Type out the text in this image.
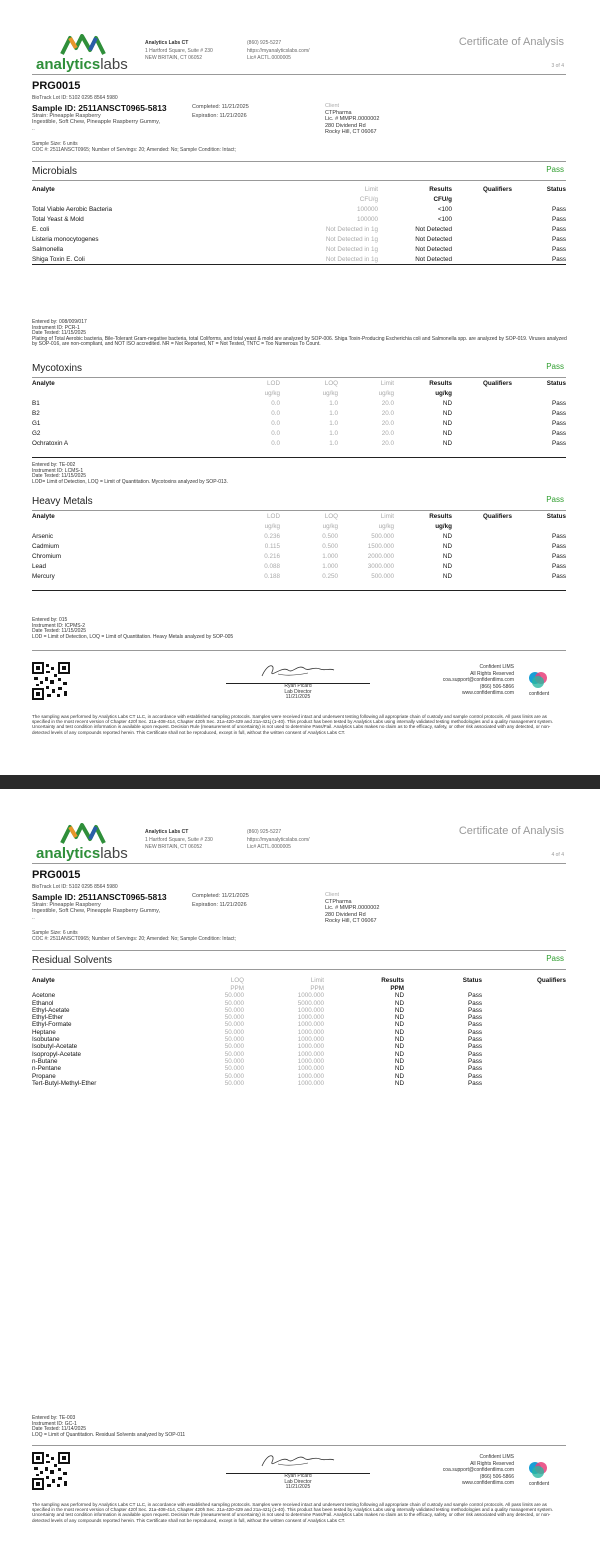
analyticslabs
Analytics Labs CT
1 Hartford Square, Suite # 230
NEW BRITAIN, CT 06052
(860) 925-5227
https://myanalyticslabs.com/
Lic# ACTL.0000005
Certificate of Analysis
3 of 4
PRG0015
BioTrack Lot ID: 5102 0295 8564 5980
Sample ID: 2511ANSCT0965-5813	Completed: 11/21/2025
Expiration: 11/21/2026
Strain: Pineapple Raspberry
Ingestible, Soft Chew, Pineapple Raspberry Gummy,
..
Client
CTPharma
Lic. # MMPR.0000002
280 Dividend Rd
Rocky Hill, CT 06067
Sample Size: 6 units
COC #: 2511ANSCT0965; Number of Servings: 20; Amended: No; Sample Condition: Intact;
Microbials	Pass
Analyte	Limit	Results	Qualifiers	Status
	CFU/g	CFU/g		
Total Viable Aerobic Bacteria	100000	<100		Pass
Total Yeast & Mold	100000	<100		Pass
E. coli	Not Detected in 1g	Not Detected		Pass
Listeria monocytogenes	Not Detected in 1g	Not Detected		Pass
Salmonella	Not Detected in 1g	Not Detected		Pass
Shiga Toxin E. Coli	Not Detected in 1g	Not Detected		Pass
Entered by: 008/009/017
Instrument ID: PCR-1
Date Tested: 11/15/2025
Plating of Total Aerobic bacteria, Bile-Tolerant Gram-negative bacteria, total Coliforms, and total yeast & mold are analyzed by SOP-006. Shiga Toxin-Producing Escherichia coli and Salmonella spp. are analyzed by SOP-019. Viruses analyzed by SOP-016, are non-compliant, and NOT ISO accredited. NR = Not Reported, NT = Not Tested, TNTC = Too Numerous To Count.
Mycotoxins	Pass
Analyte	LOD	LOQ	Limit	Results	Qualifiers	Status
	ug/kg	ug/kg	ug/kg	ug/kg		
B1	0.0	1.0	20.0	ND		Pass
B2	0.0	1.0	20.0	ND		Pass
G1	0.0	1.0	20.0	ND		Pass
G2	0.0	1.0	20.0	ND		Pass
Ochratoxin A	0.0	1.0	20.0	ND		Pass
Entered by: TE-002
Instrument ID: LCMS-1
Date Tested: 11/15/2025
LOD= Limit of Detection, LOQ = Limit of Quantitation. Mycotoxins analyzed by SOP-013.
Heavy Metals	Pass
Analyte	LOD	LOQ	Limit	Results	Qualifiers	Status
	ug/kg	ug/kg	ug/kg	ug/kg		
Arsenic	0.236	0.500	500.000	ND		Pass
Cadmium	0.115	0.500	1500.000	ND		Pass
Chromium	0.216	1.000	2000.000	ND		Pass
Lead	0.088	1.000	3000.000	ND		Pass
Mercury	0.188	0.250	500.000	ND		Pass
Entered by: 015
Instrument ID: ICPMS-2
Date Tested: 11/15/2025
LOD = Limit of Detection, LOQ = Limit of Quantitation. Heavy Metals analyzed by SOP-005
Ryan Picard
Lab Director
11/21/2025
Confident LIMS
All Rights Reserved
coa.support@confidentlims.com
(866) 506-5866
www.confidentlims.com	confident
The sampling was performed by Analytics Labs CT LLC, in accordance with established sampling protocols. Samples were received intact and underwent testing following all appropriate chain of custody and sample control protocols. All pass limits are as specified in the most recent version of Chapter 420f Sec. 21a-408-414, Chapter 420h Sec. 21a-420-429 and 21a-421j (1-40). This product has been tested by Analytics Labs using internally validated testing methodologies and a quality management system. Uncertainty and test condition information is available upon request. Decision Rule (measurement of uncertainty) is not used to determine Pass/Fail. Analytics Labs makes no claim as to the efficacy, safety, or other risk associated with any detected, or non-detected levels of any compounds reported herein. This Certificate shall not be reproduced, except in full, without the written consent of Analytics Labs CT.
analyticslabs
Analytics Labs CT
1 Hartford Square, Suite # 230
NEW BRITAIN, CT 06052
(860) 925-5227
https://myanalyticslabs.com/
Lic# ACTL.0000005
Certificate of Analysis
4 of 4
PRG0015
BioTrack Lot ID: 5102 0295 8564 5980
Sample ID: 2511ANSCT0965-5813	Completed: 11/21/2025
Expiration: 11/21/2026
Strain: Pineapple Raspberry
Ingestible, Soft Chew, Pineapple Raspberry Gummy,
..
Client
CTPharma
Lic. # MMPR.0000002
280 Dividend Rd
Rocky Hill, CT 06067
Sample Size: 6 units
COC #: 2511ANSCT0965; Number of Servings: 20; Amended: No; Sample Condition: Intact;
Residual Solvents	Pass
Analyte	LOQ	Limit	Results	Status	Qualifiers
	PPM	PPM	PPM		
Acetone	50.000	1000.000	ND	Pass	
Ethanol	50.000	5000.000	ND	Pass	
Ethyl-Acetate	50.000	1000.000	ND	Pass	
Ethyl-Ether	50.000	1000.000	ND	Pass	
Ethyl-Formate	50.000	1000.000	ND	Pass	
Heptane	50.000	1000.000	ND	Pass	
Isobutane	50.000	1000.000	ND	Pass	
Isobutyl-Acetate	50.000	1000.000	ND	Pass	
Isopropyl-Acetate	50.000	1000.000	ND	Pass	
n-Butane	50.000	1000.000	ND	Pass	
n-Pentane	50.000	1000.000	ND	Pass	
Propane	50.000	1000.000	ND	Pass	
Tert-Butyl-Methyl-Ether	50.000	1000.000	ND	Pass	
Entered by: TE-003
Instrument ID: GC-1
Date Tested: 11/14/2025
LOQ = Limit of Quantitation. Residual Solvents analyzed by SOP-011
Ryan Picard
Lab Director
11/21/2025
Confident LIMS
All Rights Reserved
coa.support@confidentlims.com
(866) 506-5866
www.confidentlims.com	confident
The sampling was performed by Analytics Labs CT LLC, in accordance with established sampling protocols. Samples were received intact and underwent testing following all appropriate chain of custody and sample control protocols. All pass limits are as specified in the most recent version of Chapter 420f Sec. 21a-408-414, Chapter 420h Sec. 21a-420-429 and 21a-421j (1-40). This product has been tested by Analytics Labs using internally validated testing methodologies and a quality management system. Uncertainty and test condition information is available upon request. Decision Rule (measurement of uncertainty) is not used to determine Pass/Fail. Analytics Labs makes no claim as to the efficacy, safety, or other risk associated with any detected, or non-detected levels of any compounds reported herein. This Certificate shall not be reproduced, except in full, without the written consent of Analytics Labs CT.
